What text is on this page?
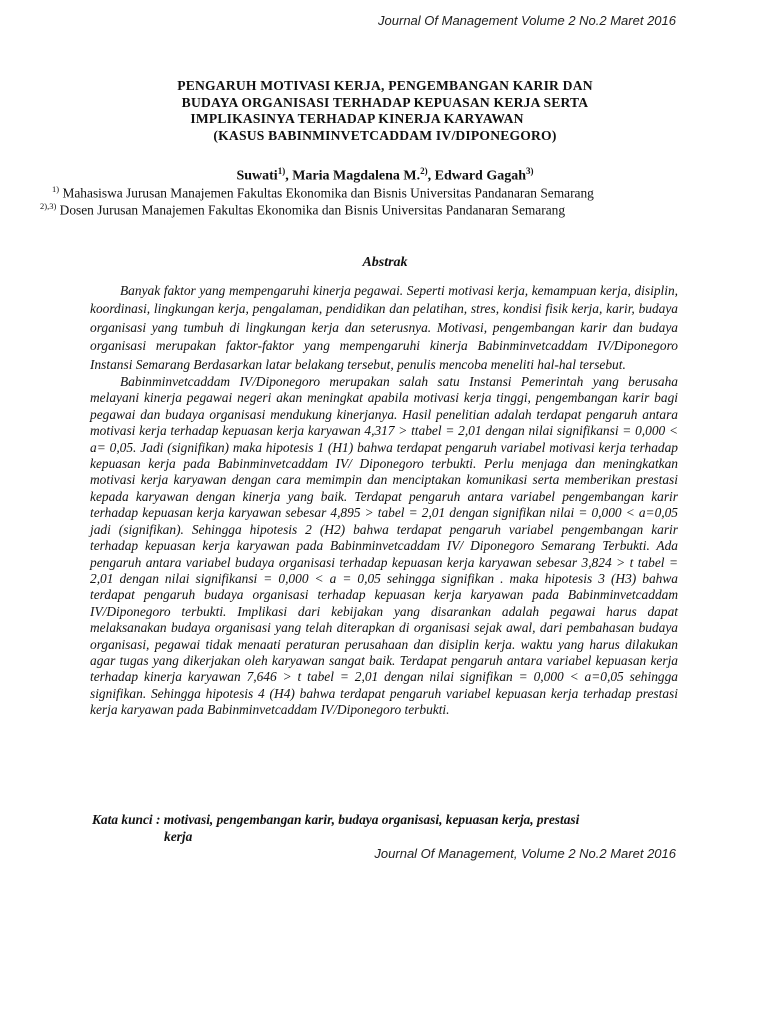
Journal Of Management Volume 2 No.2 Maret 2016
PENGARUH MOTIVASI KERJA, PENGEMBANGAN KARIR DAN
BUDAYA ORGANISASI TERHADAP KEPUASAN KERJA SERTA
IMPLIKASINYA TERHADAP KINERJA KARYAWAN
(KASUS BABINMINVETCADDAM IV/DIPONEGORO)
Suwati$^{1)}$, Maria Magdalena M.$^{2)}$, Edward Gagah$^{3)}$
$^{1)}$ Mahasiswa Jurusan Manajemen Fakultas Ekonomika dan Bisnis Universitas Pandanaran Semarang
$^{2),3)}$ Dosen Jurusan Manajemen Fakultas Ekonomika dan Bisnis Universitas Pandanaran Semarang
Abstrak

Banyak faktor yang mempengaruhi kinerja pegawai. Seperti motivasi kerja, kemampuan kerja, disiplin, koordinasi, lingkungan kerja, pengalaman, pendidikan dan pelatihan, stres, kondisi fisik kerja, karir, budaya organisasi yang tumbuh di lingkungan kerja dan seterusnya. Motivasi, pengembangan karir dan budaya organisasi merupakan faktor-faktor yang mempengaruhi kinerja Babinminvetcaddam IV/Diponegoro Instansi Semarang Berdasarkan latar belakang tersebut, penulis mencoba meneliti hal-hal tersebut.

Babinminvetcaddam IV/Diponegoro merupakan salah satu Instansi Pemerintah yang berusaha melayani kinerja pegawai negeri akan meningkat apabila motivasi kerja tinggi, pengembangan karir bagi pegawai dan budaya organisasi mendukung kinerjanya. Hasil penelitian adalah terdapat pengaruh antara motivasi kerja terhadap kepuasan kerja karyawan 4,317 > ttabel = 2,01 dengan nilai signifikansi = 0,000 < a= 0,05. Jadi (signifikan) maka hipotesis 1 (H1) bahwa terdapat pengaruh variabel motivasi kerja terhadap kepuasan kerja pada Babinminvetcaddam IV/ Diponegoro terbukti. Perlu menjaga dan meningkatkan motivasi kerja karyawan dengan cara memimpin dan menciptakan komunikasi serta memberikan prestasi kepada karyawan dengan kinerja yang baik. Terdapat pengaruh antara variabel pengembangan karir terhadap kepuasan kerja karyawan sebesar 4,895 > tabel = 2,01 dengan signifikan nilai = 0,000 < a=0,05 jadi (signifikan). Sehingga hipotesis 2 (H2) bahwa terdapat pengaruh variabel pengembangan karir terhadap kepuasan kerja karyawan pada Babinminvetcaddam IV/ Diponegoro Semarang Terbukti. Ada pengaruh antara variabel budaya organisasi terhadap kepuasan kerja karyawan sebesar 3,824 > t tabel = 2,01 dengan nilai signifikansi = 0,000 < a = 0,05 sehingga signifikan . maka hipotesis 3 (H3) bahwa terdapat pengaruh budaya organisasi terhadap kepuasan kerja karyawan pada Babinminvetcaddam IV/Diponegoro terbukti. Implikasi dari kebijakan yang disarankan adalah pegawai harus dapat melaksanakan budaya organisasi yang telah diterapkan di organisasi sejak awal, dari pembahasan budaya organisasi, pegawai tidak menaati peraturan perusahaan dan disiplin kerja. waktu yang harus dilakukan agar tugas yang dikerjakan oleh karyawan sangat baik. Terdapat pengaruh antara variabel kepuasan kerja terhadap kinerja karyawan 7,646 > t tabel = 2,01 dengan nilai signifikan = 0,000 < a=0,05 sehingga signifikan. Sehingga hipotesis 4 (H4) bahwa terdapat pengaruh variabel kepuasan kerja terhadap prestasi kerja karyawan pada Babinminvetcaddam IV/Diponegoro terbukti.

Kata kunci : motivasi, pengembangan karir, budaya organisasi, kepuasan kerja, prestasi
kerja
Journal Of Management, Volume 2 No.2 Maret 2016
